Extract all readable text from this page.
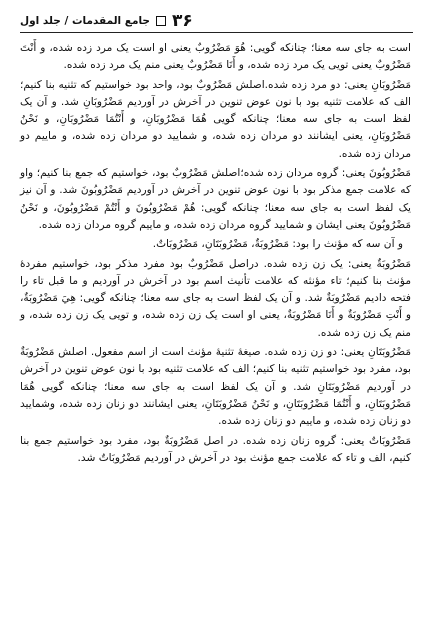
۳۶
جامع المقدمات / جلد اول

است به جای سه معنا؛ چنانکه گویی: هُوَ مَضْرُوبٌ یعنی او است یک مرد زده شده، و أَنْتَ مَضْرُوبٌ یعنی تویی یک مرد زده شده، و أَنَا مَضْرُوبٌ یعنی منم یک مرد زده شده.

مَضْرُوبَانِ یعنی: دو مرد زده شده.اصلش مَضْرُوبٌ بود، واحد بود خواستیم که تثنیه بنا کنیم؛ الف که علامت تثنیه بود با نون عوض تنوین در آخرش در آوردیم مَضْرُوبَانِ شد. و آن یک لفظ است به جای سه معنا؛ چنانکه گویی هُمَا مَضْرُوبَانِ، و أَنْتُمَا مَضْرُوبَانِ، و نَحْنُ مَضْرُوبَانِ، یعنی ایشانند دو مردان زده شده، و شمایید دو مردان زده شده، و ماییم دو مردان زده شده.

مَضْرُوبُونَ یعنی: گروه مردان زده شده؛اصلش مَضْرُوبٌ بود، خواستیم که جمع بنا کنیم؛ واو که علامت جمع مذکر بود با نون عوض تنوین در آخرش در آوردیم مَضْرُوبُونَ شد. و آن نیز یک لفظ است به جای سه معنا؛ چنانکه گویی: هُمْ مَضْرُوبُونَ و أَنْتُمْ مَضْرُوبُونَ، و نَحْنُ مَضْرُوبُونَ یعنی ایشان و شمایید گروه مردان زده شده، و ماییم گروه مردان زده شده.

و آن سه که مؤنث را بود: مَضْرُوبَةٌ، مَضْرُوبَتَانِ، مَضْرُوبَاتٌ.

مَضْرُوبَةٌ یعنی: یک زن زده شده. دراصل مَضْرُوبٌ بود مفرد مذکر بود، خواستیم مفردهٔ مؤنث بنا کنیم؛ تاء مؤنثه که علامت تأنیث اسم بود در آخرش در آوردیم و ما قبل تاء را فتحه دادیم مَضْرُوبَةٌ شد. و آن یک لفظ است به جای سه معنا؛ چنانکه گویی: هِيَ مَضْرُوبَةٌ، و أَنْتِ مَضْرُوبَةٌ و أَنَا مَضْرُوبَةٌ، یعنی او است یک زن زده شده، و تویی یک زن زده شده، و منم یک زن زده شده.

مَضْرُوبَتَانِ یعنی: دو زن زده شده. صیغهٔ تثنیهٔ مؤنث است از اسم مفعول. اصلش مَضْرُوبَةٌ بود، مفرد بود خواستیم تثنیه بنا کنیم؛ الف که علامت تثنیه بود با نون عوض تنوین در آخرش در آوردیم مَضْرُوبَتَانِ شد. و آن یک لفظ است به جای سه معنا؛ چنانکه گویی هُمَا مَضْرُوبَتَانِ، و أَنْتُمَا مَضْرُوبَتَانِ، و نَحْنُ مَضْرُوبَتَانِ، یعنی ایشانند دو زنان زده شده، وشمایید دو زنان زده شده، و ماییم دو زنان زده شده.

مَضْرُوبَاتٌ یعنی: گروه زنان زده شده. در اصل مَضْرُوبَةٌ بود، مفرد بود خواستیم جمع بنا کنیم، الف و تاء که علامت جمع مؤنث بود در آخرش در آوردیم مَضْرُوبَاتٌ شد.
